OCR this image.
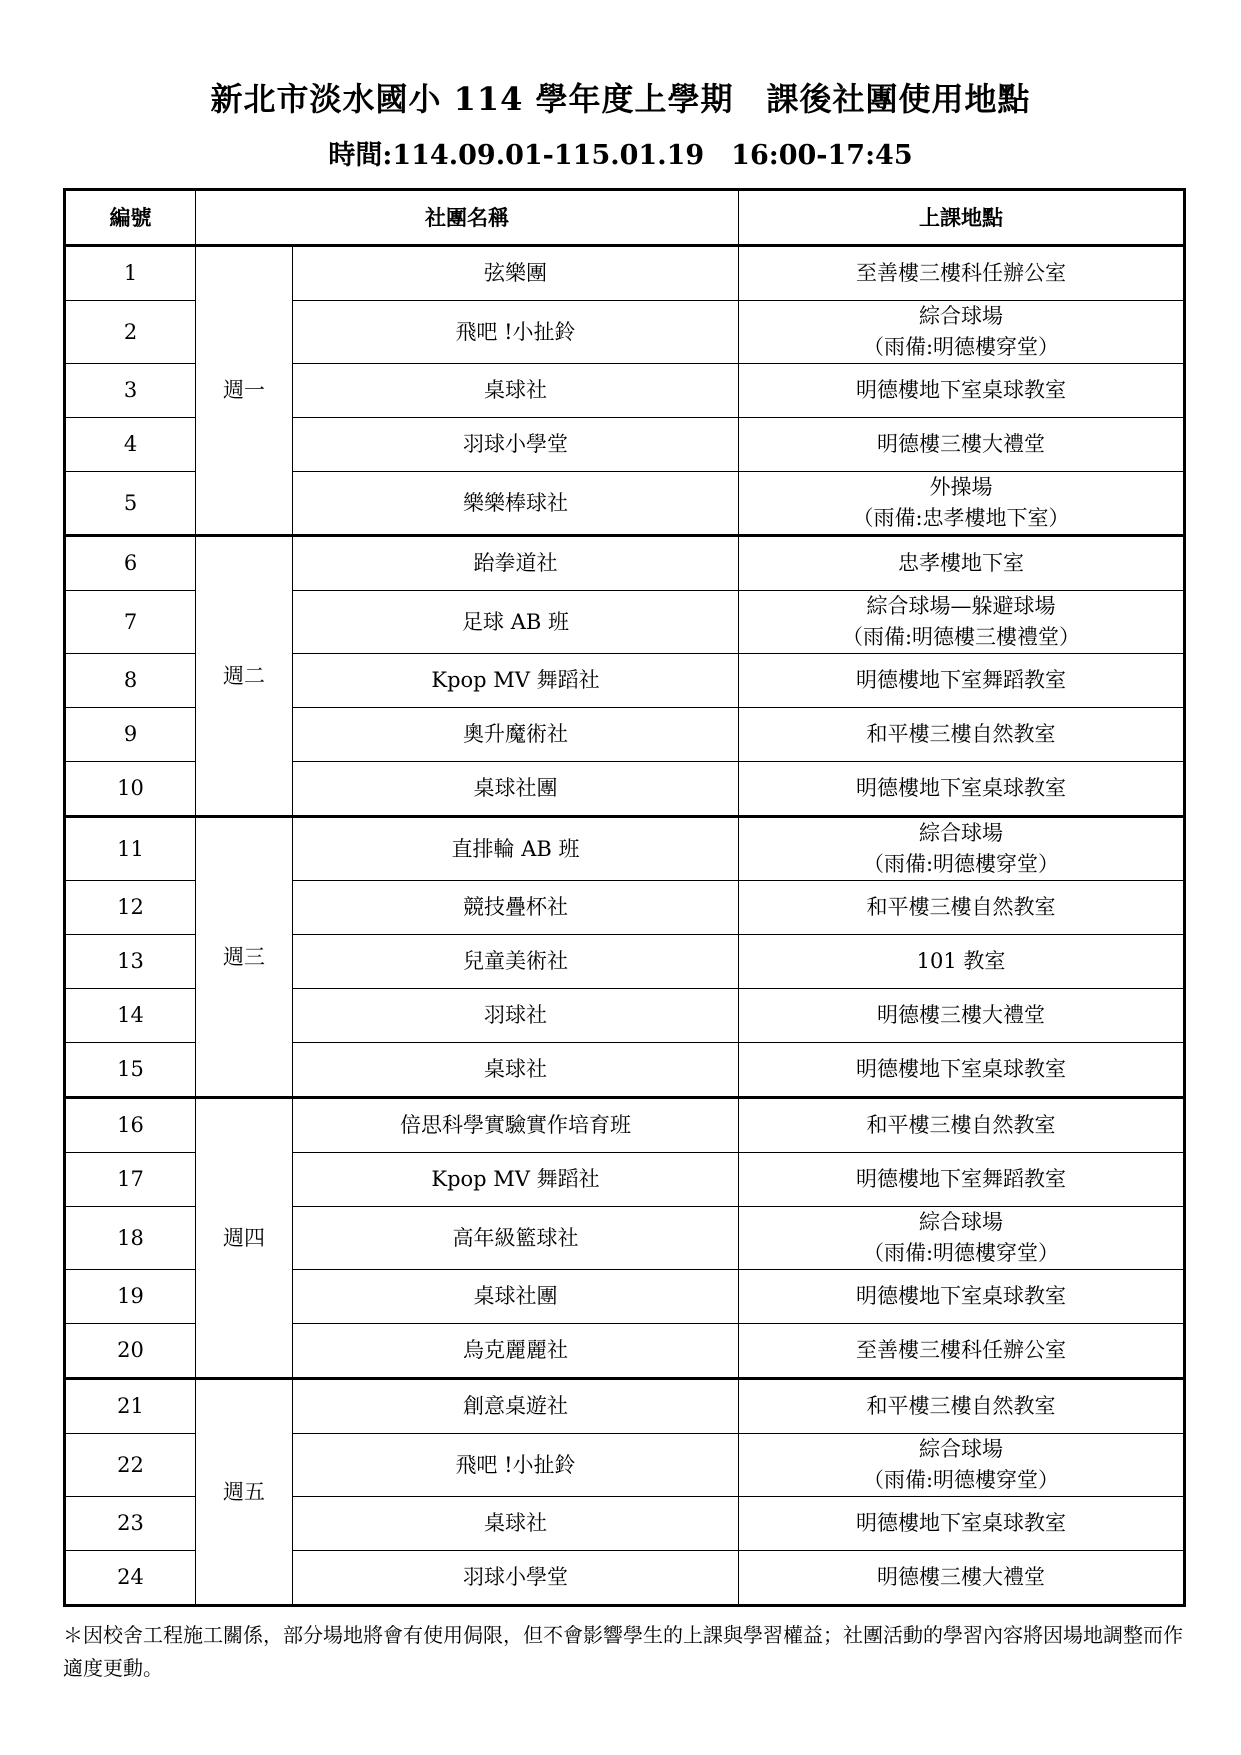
新北市淡水國小 114 學年度上學期　課後社團使用地點
時間:114.09.01-115.01.19　16:00-17:45
編號	社團名稱		上課地點
1	週一	弦樂團	至善樓三樓科任辦公室

2		飛吧 !小扯鈴	綜合球場
（雨備:明德樓穿堂）

3		桌球社	明德樓地下室桌球教室

4		羽球小學堂	明德樓三樓大禮堂

5		樂樂棒球社	外操場
（雨備:忠孝樓地下室）

6	週二	跆拳道社	忠孝樓地下室

7		足球 AB 班	綜合球場—躲避球場
（雨備:明德樓三樓禮堂）

8		Kpop MV 舞蹈社	明德樓地下室舞蹈教室

9		奧升魔術社	和平樓三樓自然教室

10		桌球社團	明德樓地下室桌球教室

11	週三	直排輪 AB 班	綜合球場
（雨備:明德樓穿堂）

12		競技疊杯社	和平樓三樓自然教室

13		兒童美術社	101 教室

14		羽球社	明德樓三樓大禮堂

15		桌球社	明德樓地下室桌球教室

16	週四	倍思科學實驗實作培育班	和平樓三樓自然教室

17		Kpop MV 舞蹈社	明德樓地下室舞蹈教室

18		高年級籃球社	綜合球場
（雨備:明德樓穿堂）

19		桌球社團	明德樓地下室桌球教室

20		烏克麗麗社	至善樓三樓科任辦公室

21	週五	創意桌遊社	和平樓三樓自然教室

22		飛吧 !小扯鈴	綜合球場
（雨備:明德樓穿堂）

23		桌球社	明德樓地下室桌球教室

24		羽球小學堂	明德樓三樓大禮堂
＊因校舍工程施工關係，部分場地將會有使用侷限，但不會影響學生的上課與學習權益；社團活動的學習內容將因場地調整而作適度更動。
